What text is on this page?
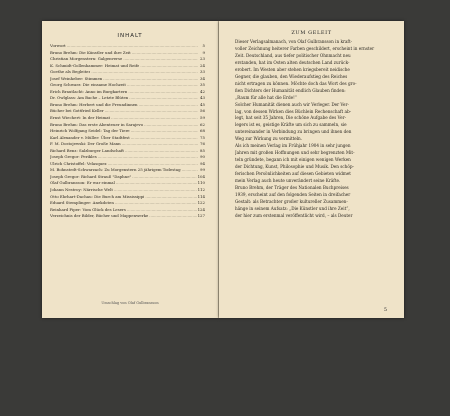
INHALT
Vorwort .....	5
Bruno Brehm: Die Künstler und ihre Zeit .....	9
Christian Morgenstern: Galgenverse .....	23
K. Schmidt-Gollenhammer: Heimat und Reife .....	24
Goethe als Begleiter .....	33
Josef Weinheber: Stimmen .....	34
Georg Schwarz: Die einsame Hochzeit .....	35
Erich Brautlacht: Anno im Burgkartern .....	42
Dr. Owlglass: Am Bache – Letzte Blüten .....	43
Bruno Brehm: Herbert und die Freundinnen .....	45
Bücher bei Gottfried Keller .....	56
Ernst Wiechert: In der Heimat .....	59
Bruno Brehm: Das erste Abenteuer in Sarajevo .....	62
Heinrich Wolfgang Seidel: Tag der Tiere .....	68
Karl Alexander v. Müller: Über Stadtfest .....	75
F. M. Dostojewski: Der Große Mann .....	76
Richard Benz: Salzburger Landschaft .....	85
Joseph Gregor: Perikles .....	90
Ulrich Christoffel: Velasquez .....	94
M. Bohnstedt-Schwarzach: Zu Morgenstern 25 jährigem Todestag .....	99
Joseph Gregor: Richard Strauß "Daphne" .....	104
Olaf Gulbransson: Er war einmal .....	110
Johann Nestroy: Närrische Welt .....	112
Otto Ehrhart-Dachau: Die Burch am Mississippi .....	114
Eduard Stemplinger: Anekdoten .....	122
Reinhard Piper: Vom Glück des Lesers .....	124
Verzeichnis der Bilder, Bücher und Mappenwerke .....	127
Umschlag von Olaf Gulbransson
ZUM GELEIT

Dieser Verlagsalmanach, von Olaf Gulbransson in kraft-
voller Zeichnung heiterer Farben geschildert, erscheint in ernster
Zeit. Deutschland, aus tiefer politischer Ohnmacht neu
erstanden, hat im Osten alten deutschen Land zurück-
erobert. Im Westen aber stehen kriegsbereit neidische
Gegner, die glauben, den Wiederaufstieg des Reiches
nicht ertragen zu können. Möchte doch das Wort des gro-
ßen Dichters der Humanität endlich Glauben finden:
„Raum für alle hat die Erde!“
Solcher Humanität dienen auch wir Verleger. Der Ver-
lag, von dessen Wirken dies Büchlein Rechenschaft ab-
legt, hat seit 35 Jahren, Die schöne Aufgabe des Ver-
legers ist es, geistige Kräfte um sich zu sammeln, sie
untereinander in Verbindung zu bringen und ihnen den
Weg zur Wirkung zu vermitteln.
Als ich meinen Verlag im Frühjahr 1904 in sehr jungen
Jahren mit großen Hoffnungen und sehr begrenzten Mit-
teln gründete, begann ich mit einigen wenigen Werken
der Dichtung, Kunst, Philosophie und Musik. Den schöp-
ferischen Persönlichkeiten auf diesen Gebieten widmet
mein Verlag auch heute unverändert seine Kräfte.
Bruno Brehm, der Träger des Nationalen Buchpreises
1939, erscheint auf den folgenden Seiten in dreifacher
Gestalt: als Betrachter großer kultureller Zusammen-
hänge in seinem Aufsatz: „Die Künstler und ihre Zeit“,
der hier zum erstenmal veröffentlicht wird, – als Deuter

5
